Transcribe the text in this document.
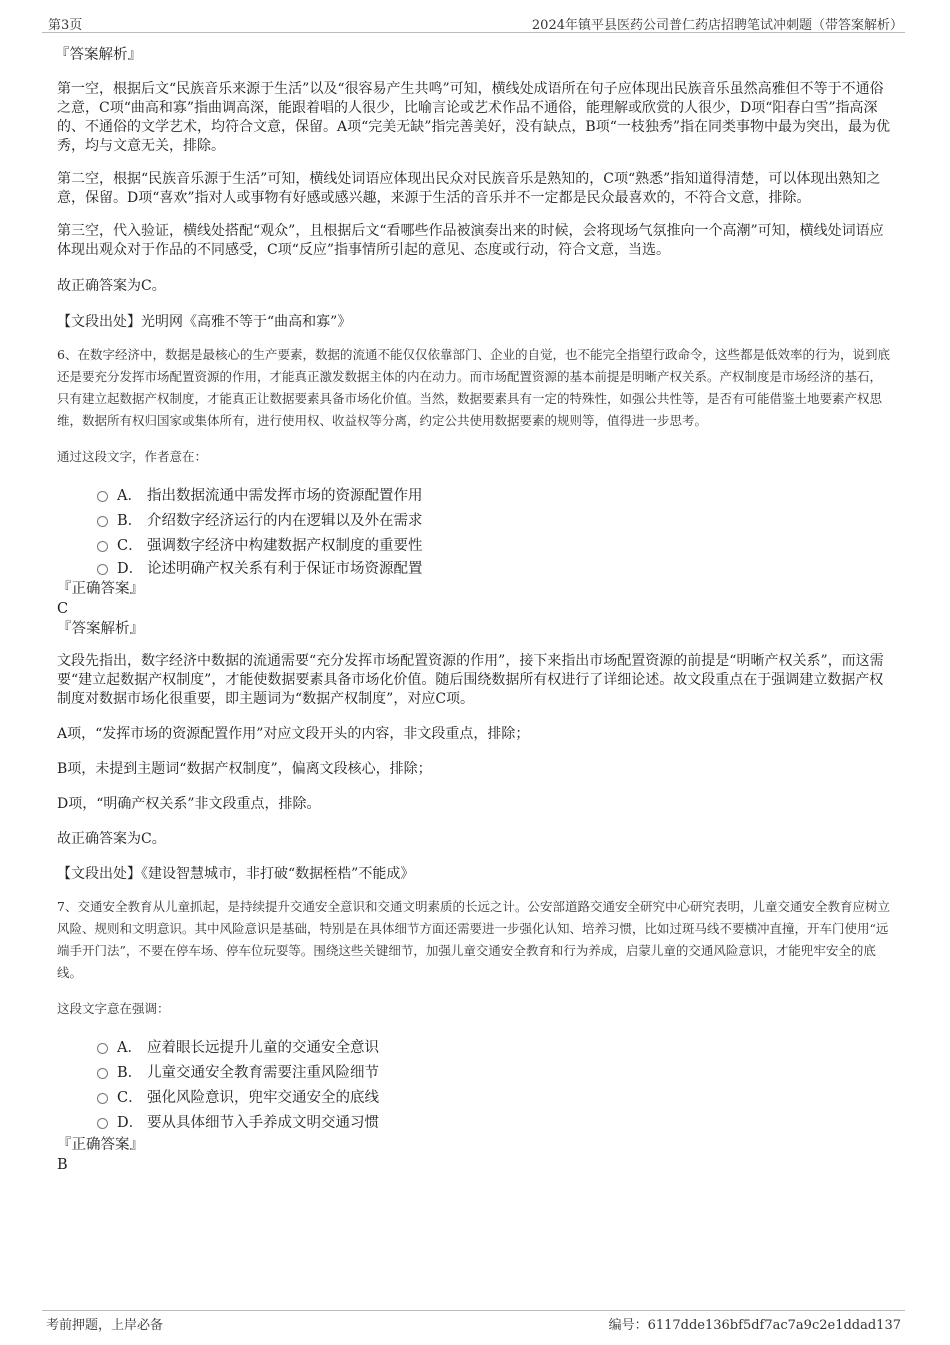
第3页	2024年镇平县医药公司普仁药店招聘笔试冲刺题（带答案解析）

『答案解析』

第一空，根据后文“民族音乐来源于生活”以及“很容易产生共鸣”可知，横线处成语所在句子应体现出民族音乐虽然高雅但不等于不通俗之意，C项“曲高和寡”指曲调高深，能跟着唱的人很少，比喻言论或艺术作品不通俗，能理解或欣赏的人很少，D项“阳春白雪”指高深的、不通俗的文学艺术，均符合文意，保留。A项“完美无缺”指完善美好，没有缺点，B项“一枝独秀”指在同类事物中最为突出，最为优秀，均与文意无关，排除。

第二空，根据“民族音乐源于生活”可知，横线处词语应体现出民众对民族音乐是熟知的，C项“熟悉”指知道得清楚，可以体现出熟知之意，保留。D项“喜欢”指对人或事物有好感或感兴趣，来源于生活的音乐并不一定都是民众最喜欢的，不符合文意，排除。

第三空，代入验证，横线处搭配“观众”，且根据后文“看哪些作品被演奏出来的时候，会将现场气氛推向一个高潮”可知，横线处词语应体现出观众对于作品的不同感受，C项“反应”指事情所引起的意见、态度或行动，符合文意，当选。

故正确答案为C。

【文段出处】光明网《高雅不等于“曲高和寡”》

6、在数字经济中，数据是最核心的生产要素，数据的流通不能仅仅依靠部门、企业的自觉，也不能完全指望行政命令，这些都是低效率的行为，说到底还是要充分发挥市场配置资源的作用，才能真正激发数据主体的内在动力。而市场配置资源的基本前提是明晰产权关系。产权制度是市场经济的基石，只有建立起数据产权制度，才能真正让数据要素具备市场化价值。当然，数据要素具有一定的特殊性，如强公共性等，是否有可能借鉴土地要素产权思维，数据所有权归国家或集体所有，进行使用权、收益权等分离，约定公共使用数据要素的规则等，值得进一步思考。

通过这段文字，作者意在：

A． 指出数据流通中需发挥市场的资源配置作用
B． 介绍数字经济运行的内在逻辑以及外在需求
C． 强调数字经济中构建数据产权制度的重要性
D． 论述明确产权关系有利于保证市场资源配置

『正确答案』

C

『答案解析』

文段先指出，数字经济中数据的流通需要“充分发挥市场配置资源的作用”，接下来指出市场配置资源的前提是“明晰产权关系”，而这需要“建立起数据产权制度”，才能使数据要素具备市场化价值。随后围绕数据所有权进行了详细论述。故文段重点在于强调建立数据产权制度对数据市场化很重要，即主题词为“数据产权制度”，对应C项。

A项，“发挥市场的资源配置作用”对应文段开头的内容，非文段重点，排除；

B项，未提到主题词“数据产权制度”，偏离文段核心，排除；

D项，“明确产权关系”非文段重点，排除。

故正确答案为C。

【文段出处】《建设智慧城市，非打破“数据桎梏”不能成》

7、交通安全教育从儿童抓起，是持续提升交通安全意识和交通文明素质的长远之计。公安部道路交通安全研究中心研究表明，儿童交通安全教育应树立风险、规则和文明意识。其中风险意识是基础，特别是在具体细节方面还需要进一步强化认知、培养习惯，比如过斑马线不要横冲直撞，开车门使用“远端手开门法”，不要在停车场、停车位玩耍等。围绕这些关键细节，加强儿童交通安全教育和行为养成，启蒙儿童的交通风险意识，才能兜牢安全的底线。

这段文字意在强调：

A． 应着眼长远提升儿童的交通安全意识
B． 儿童交通安全教育需要注重风险细节
C． 强化风险意识，兜牢交通安全的底线
D． 要从具体细节入手养成文明交通习惯

『正确答案』

B

考前押题，上岸必备	编号：6117dde136bf5df7ac7a9c2e1ddad137
